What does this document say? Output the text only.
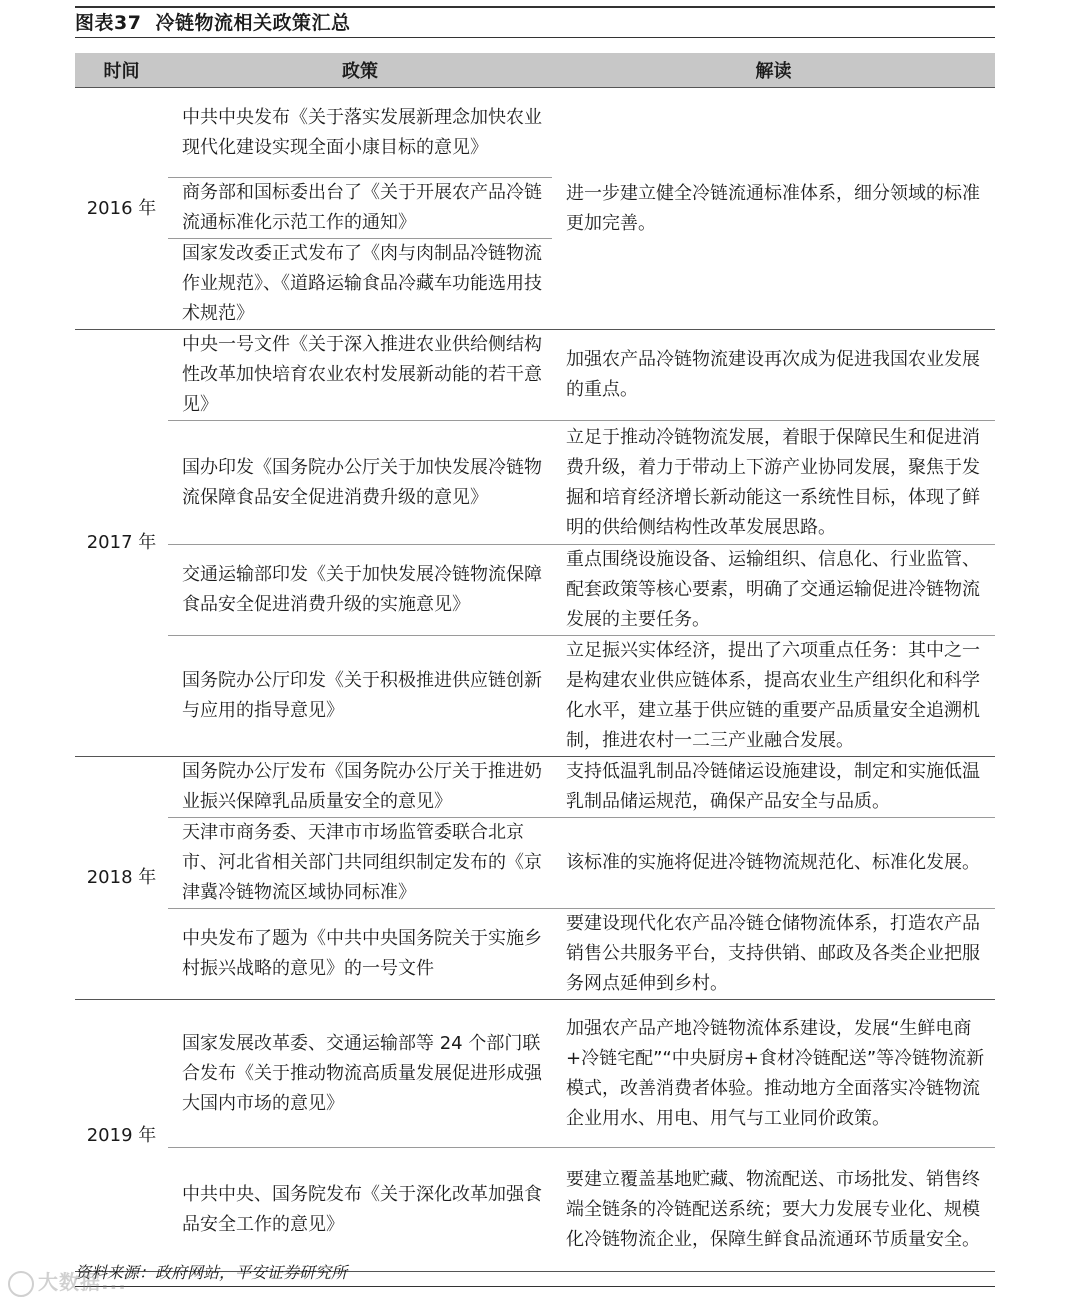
图表37 冷链物流相关政策汇总
时间	政策	解读
2016 年	中共中央发布《关于落实发展新理念加快农业现代化建设实现全面小康目标的意见》	进一步建立健全冷链流通标准体系，细分领域的标准更加完善。
	商务部和国标委出台了《关于开展农产品冷链流通标准化示范工作的通知》	
	国家发改委正式发布了《肉与肉制品冷链物流作业规范》、《道路运输食品冷藏车功能选用技术规范》	
2017 年	中央一号文件《关于深入推进农业供给侧结构性改革加快培育农业农村发展新动能的若干意见》	加强农产品冷链物流建设再次成为促进我国农业发展的重点。
	国办印发《国务院办公厅关于加快发展冷链物流保障食品安全促进消费升级的意见》	立足于推动冷链物流发展，着眼于保障民生和促进消费升级，着力于带动上下游产业协同发展，聚焦于发掘和培育经济增长新动能这一系统性目标，体现了鲜明的供给侧结构性改革发展思路。
	交通运输部印发《关于加快发展冷链物流保障食品安全促进消费升级的实施意见》	重点围绕设施设备、运输组织、信息化、行业监管、配套政策等核心要素，明确了交通运输促进冷链物流发展的主要任务。
	国务院办公厅印发《关于积极推进供应链创新与应用的指导意见》	立足振兴实体经济，提出了六项重点任务：其中之一是构建农业供应链体系，提高农业生产组织化和科学化水平，建立基于供应链的重要产品质量安全追溯机制，推进农村一二三产业融合发展。
2018 年	国务院办公厅发布《国务院办公厅关于推进奶业振兴保障乳品质量安全的意见》	支持低温乳制品冷链储运设施建设，制定和实施低温乳制品储运规范，确保产品安全与品质。
	天津市商务委、天津市市场监管委联合北京市、河北省相关部门共同组织制定发布的《京津冀冷链物流区域协同标准》	该标准的实施将促进冷链物流规范化、标准化发展。
	中央发布了题为《中共中央国务院关于实施乡村振兴战略的意见》的一号文件	要建设现代化农产品冷链仓储物流体系，打造农产品销售公共服务平台，支持供销、邮政及各类企业把服务网点延伸到乡村。
2019 年	国家发展改革委、交通运输部等 24 个部门联合发布《关于推动物流高质量发展促进形成强大国内市场的意见》	加强农产品产地冷链物流体系建设，发展“生鲜电商+冷链宅配”“中央厨房+食材冷链配送”等冷链物流新模式，改善消费者体验。推动地方全面落实冷链物流企业用水、用电、用气与工业同价政策。
	中共中央、国务院发布《关于深化改革加强食品安全工作的意见》	要建立覆盖基地贮藏、物流配送、市场批发、销售终端全链条的冷链配送系统；要大力发展专业化、规模化冷链物流企业，保障生鲜食品流通环节质量安全。
资料来源：政府网站，平安证券研究所
大数据...
